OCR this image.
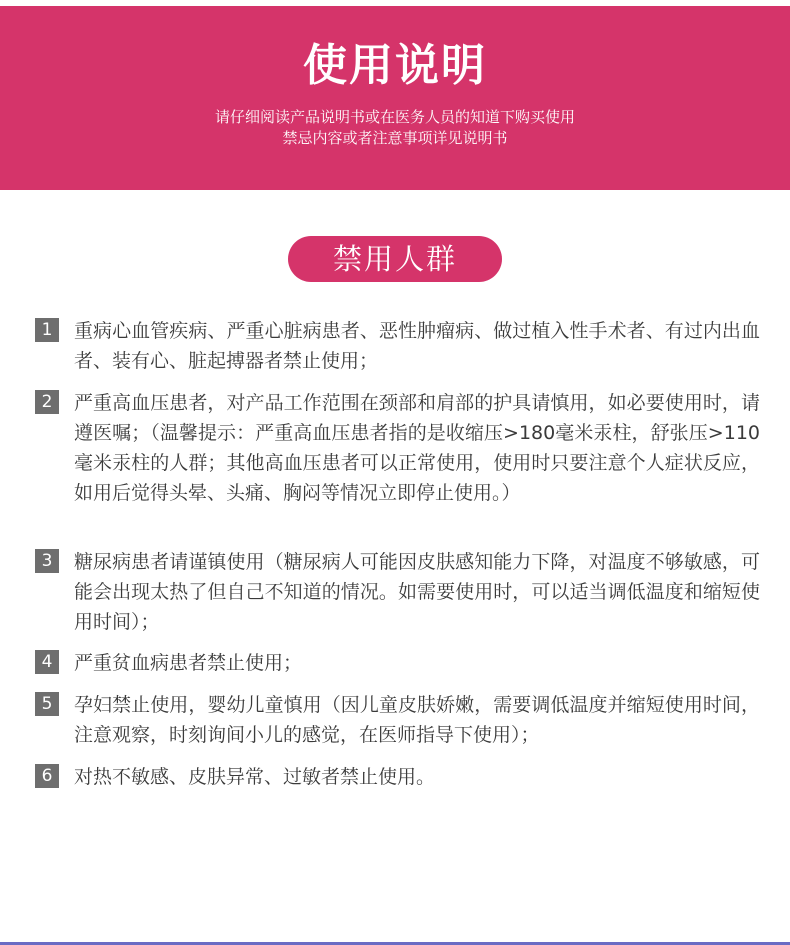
使用说明
请仔细阅读产品说明书或在医务人员的知道下购买使用
禁忌内容或者注意事项详见说明书
禁用人群
1	重病心血管疾病、严重心脏病患者、恶性肿瘤病、做过植入性手术者、有过内出血者、装有心、脏起搏器者禁止使用；
2	严重高血压患者，对产品工作范围在颈部和肩部的护具请慎用，如必要使用时，请遵医嘱；（温馨提示：严重高血压患者指的是收缩压>180毫米汞柱，舒张压>110毫米汞柱的人群；其他高血压患者可以正常使用，使用时只要注意个人症状反应，如用后觉得头晕、头痛、胸闷等情况立即停止使用。）
3	糖尿病患者请谨镇使用（糖尿病人可能因皮肤感知能力下降，对温度不够敏感，可能会出现太热了但自己不知道的情况。如需要使用时，可以适当调低温度和缩短使用时间）；
4	严重贫血病患者禁止使用；
5	孕妇禁止使用，婴幼儿童慎用（因儿童皮肤娇嫩，需要调低温度并缩短使用时间，注意观察，时刻询间小儿的感觉，在医师指导下使用）；
6	对热不敏感、皮肤异常、过敏者禁止使用。
